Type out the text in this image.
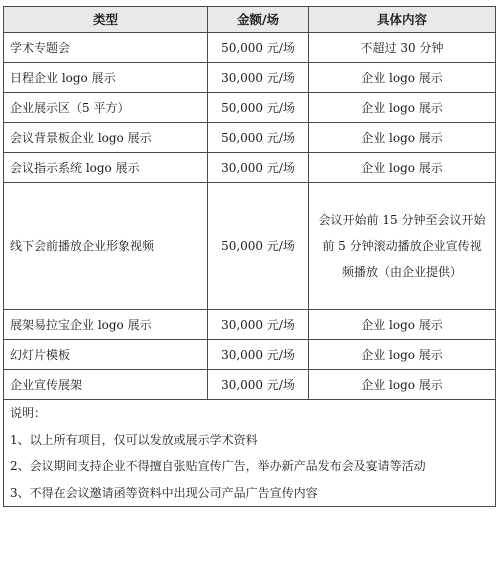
类型	金额/场	具体内容
学术专题会	50,000 元/场	不超过 30 分钟
日程企业 logo 展示	30,000 元/场	企业 logo 展示
企业展示区（5 平方）	50,000 元/场	企业 logo 展示
会议背景板企业 logo 展示	50,000 元/场	企业 logo 展示
会议指示系统 logo 展示	30,000 元/场	企业 logo 展示
线下会前播放企业形象视频	50,000 元/场	会议开始前 15 分钟至会议开始前 5 分钟滚动播放企业宣传视频播放（由企业提供）
展架易拉宝企业 logo 展示	30,000 元/场	企业 logo 展示
幻灯片模板	30,000 元/场	企业 logo 展示
企业宣传展架	30,000 元/场	企业 logo 展示

说明：
1、以上所有项目，仅可以发放或展示学术资料
2、会议期间支持企业不得擅自张贴宣传广告，举办新产品发布会及宴请等活动
3、不得在会议邀请函等资料中出现公司产品广告宣传内容		
